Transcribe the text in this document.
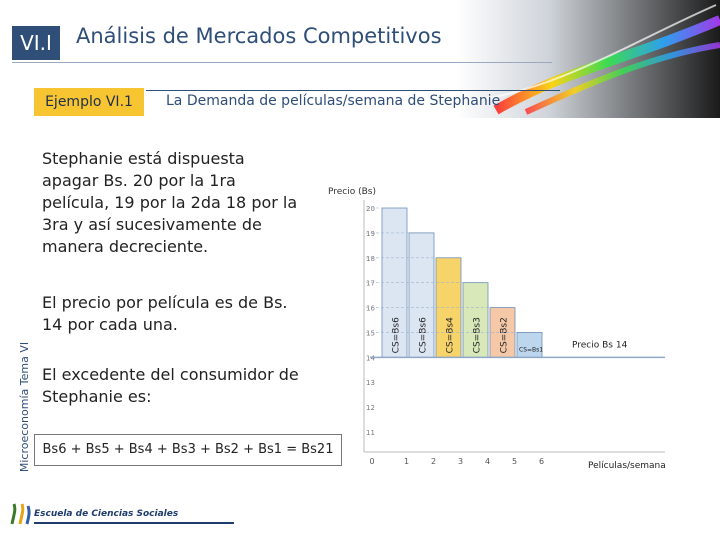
VI.I	Análisis de Mercados Competitivos
Ejemplo VI.1	La Demanda de películas/semana de Stephanie
Stephanie está dispuesta apagar Bs. 20 por la 1ra película, 19 por la 2da 18 por la 3ra y así sucesivamente de manera decreciente.
El precio por película es de Bs. 14 por cada una.
El excedente del consumidor de Stephanie es:
Microeconomía Tema VI Bs6 + Bs5 + Bs4 + Bs3 + Bs2 + Bs1 = Bs21
Precio (Bs)
11
12
13
14
15
16
17
18
19
20
0	1	2	3	4	5	6
CS=Bs6 CS=Bs6 CS=Bs4 CS=Bs3 CS=Bs2 CS=Bs1	Precio Bs 14
Películas/semana
Escuela de Ciencias Sociales
